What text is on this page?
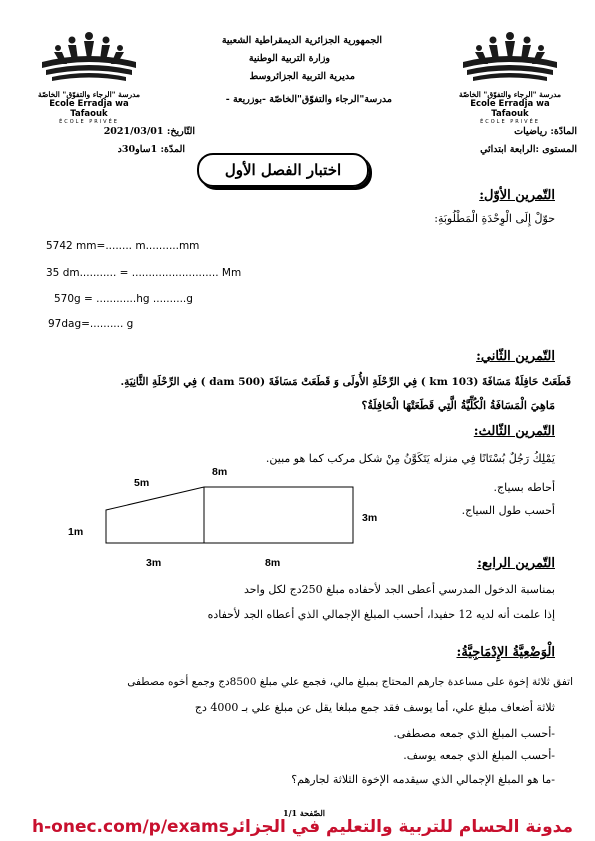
مدرسة "الرجاء والتفوّق" الخاصّة
Ecole Erradja wa Tafaouk
ÉCOLE PRIVÉE
مدرسة "الرجاء والتفوّق" الخاصّة
Ecole Erradja wa Tafaouk
ÉCOLE PRIVÉE
الجمهورية الجزائرية الديمقراطية الشعبية
وزارة التربية الوطنية
مديرية التربية الجزائروسط
مدرسة"الرجاء والتفوّق"الخاصّة -بوزريعة -
المادّة: رياضيات
المستوى :الرابعة ابتدائي
التّاريخ: 2021/03/01
المدّة: 1ساو30د
اختبار الفصل الأول
التّمرين الأوّل:
حوّلْ إِلَى الْوِحْدَةِ الْمَطْلُوبَةِ:
5742 mm=........ m..........mm
35 dm........... = .......................... Mm
570g = ............hg ..........g
97dag=.......... g
التّمرين الثّاني:
قَطَعَتْ حَافِلَةٌ مَسَافَةَ (103 km ) فِي الرِّحْلَةِ الأُولَى وَ قَطَعَتْ مَسَافَةَ (500 dam ) فِي الرِّحْلَةِ الثَّانِيَةِ.
مَاهِيَ الْمَسَافَةُ الْكُلِّيَّةُ الَّتِي قَطَعَتْهَا الْحَافِلَةُ؟
التّمرين الثّالث:
يَمْلِكُ رَجُلٌ بُسْتَانًا فِي منزله يَتَكَوَّنُ مِنْ شكل مركب كما هو مبين.
أحاطه بسياج.
أحسب طول السياج.
8m
5m
1m
3m
3m	8m	التّمرين الرابع:
بمناسبة الدخول المدرسي أعطى الجد لأحفاده مبلغ 250دج لكل واحد
إذا علمت أنه لديه 12 حفيدا، أحسب المبلغ الإجمالي الذي أعطاه الجد لأحفاده
الْوَضْعِيَّةُ الإِدْمَاجِيَّةُ:
اتفق ثلاثة إخوة على مساعدة جارهم المحتاج بمبلغ مالي، فجمع علي مبلغ 8500دج وجمع أخوه مصطفى
ثلاثة أضعاف مبلغ علي، أما يوسف فقد جمع مبلغا يقل عن مبلغ علي بـ 4000 دج
-أحسب المبلغ الذي جمعه مصطفى.
-أحسب المبلغ الذي جمعه يوسف.
-ما هو المبلغ الإجمالي الذي سيقدمه الإخوة الثلاثة لجارهم؟
الصّفحة 1/1
h-onec.com/p/exams مدونة الحسام للتربية والتعليم في الجزائر
